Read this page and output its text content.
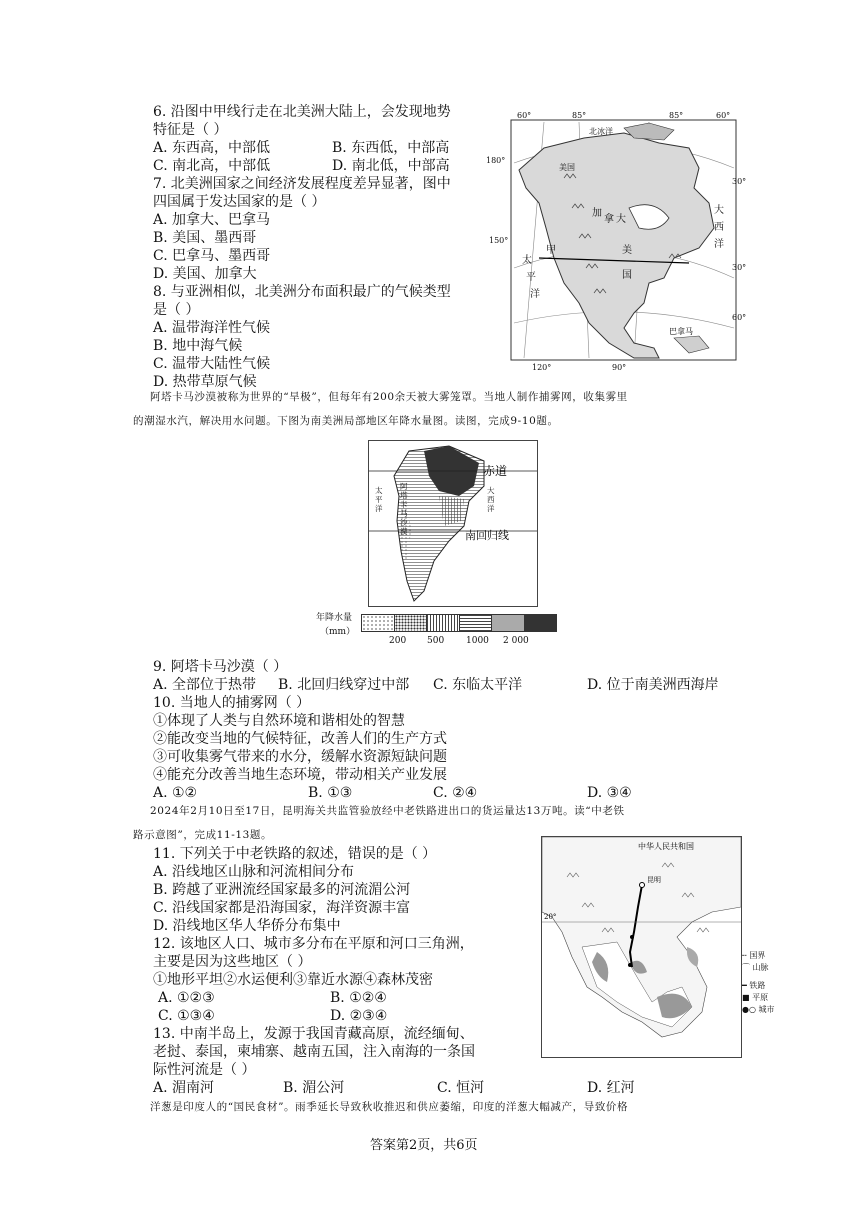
6. 沿图中甲线行走在北美洲大陆上，会发现地势
特征是（ ）
A. 东西高，中部低	B. 东西低，中部高
C. 南北高，中部低	D. 南北低，中部高
7. 北美洲国家之间经济发展程度差异显著，图中
四国属于发达国家的是（ ）
A. 加拿大、巴拿马
B. 美国、墨西哥
C. 巴拿马、墨西哥
D. 美国、加拿大
8. 与亚洲相似，北美洲分布面积最广的气候类型
是（ ）
A. 温带海洋性气候
B. 地中海气候
C. 温带大陆性气候
D. 热带草原气候
60°	85°	85°	60°
180°
150°
30°
30°
60°
120°	90°
北冰洋
美国
加
拿 大
大
西
洋
甲	美
国
太
平
洋
巴拿马
阿塔卡马沙漠被称为世界的“旱极”，但每年有200余天被大雾笼罩。当地人制作捕雾网，收集雾里
的潮湿水汽，解决用水问题。下图为南美洲局部地区年降水量图。读图，完成9-10题。
太
平
洋
大
西
洋
阿
塔
卡
马
沙
漠
赤道
南回归线
年降水量
（mm）
200 500 1000 2 000
9. 阿塔卡马沙漠（ ）
A. 全部位于热带 B. 北回归线穿过中部 C. 东临太平洋	D. 位于南美洲西海岸
10. 当地人的捕雾网（ ）
①体现了人类与自然环境和谐相处的智慧
②能改变当地的气候特征，改善人们的生产方式
③可收集雾气带来的水分，缓解水资源短缺问题
④能充分改善当地生态环境，带动相关产业发展
A. ①②	B. ①③	C. ②④	D. ③④
2024年2月10日至17日，昆明海关共监管验放经中老铁路进出口的货运量达13万吨。读“中老铁
路示意图”，完成11-13题。
11. 下列关于中老铁路的叙述，错误的是（ ）
A. 沿线地区山脉和河流相间分布
B. 跨越了亚洲流经国家最多的河流湄公河
C. 沿线国家都是沿海国家，海洋资源丰富
D. 沿线地区华人华侨分布集中
12. 该地区人口、城市多分布在平原和河口三角洲，
主要是因为这些地区（ ）
①地形平坦②水运便利③靠近水源④森林茂密
A. ①②③	B. ①②④
C. ①③④	D. ②③④
13. 中南半岛上，发源于我国青藏高原，流经缅甸、
老挝、泰国，柬埔寨、越南五国，注入南海的一条国
际性河流是（ ）
A. 湄南河	B. 湄公河	C. 恒河	D. 红河
中华人民共和国
昆明
20°
╌ 国界
⌒ 山脉
━ 铁路
■ 平原
●○ 城市
洋葱是印度人的“国民食材”。雨季延长导致秋收推迟和供应萎缩，印度的洋葱大幅减产，导致价格
答案第2页，共6页
